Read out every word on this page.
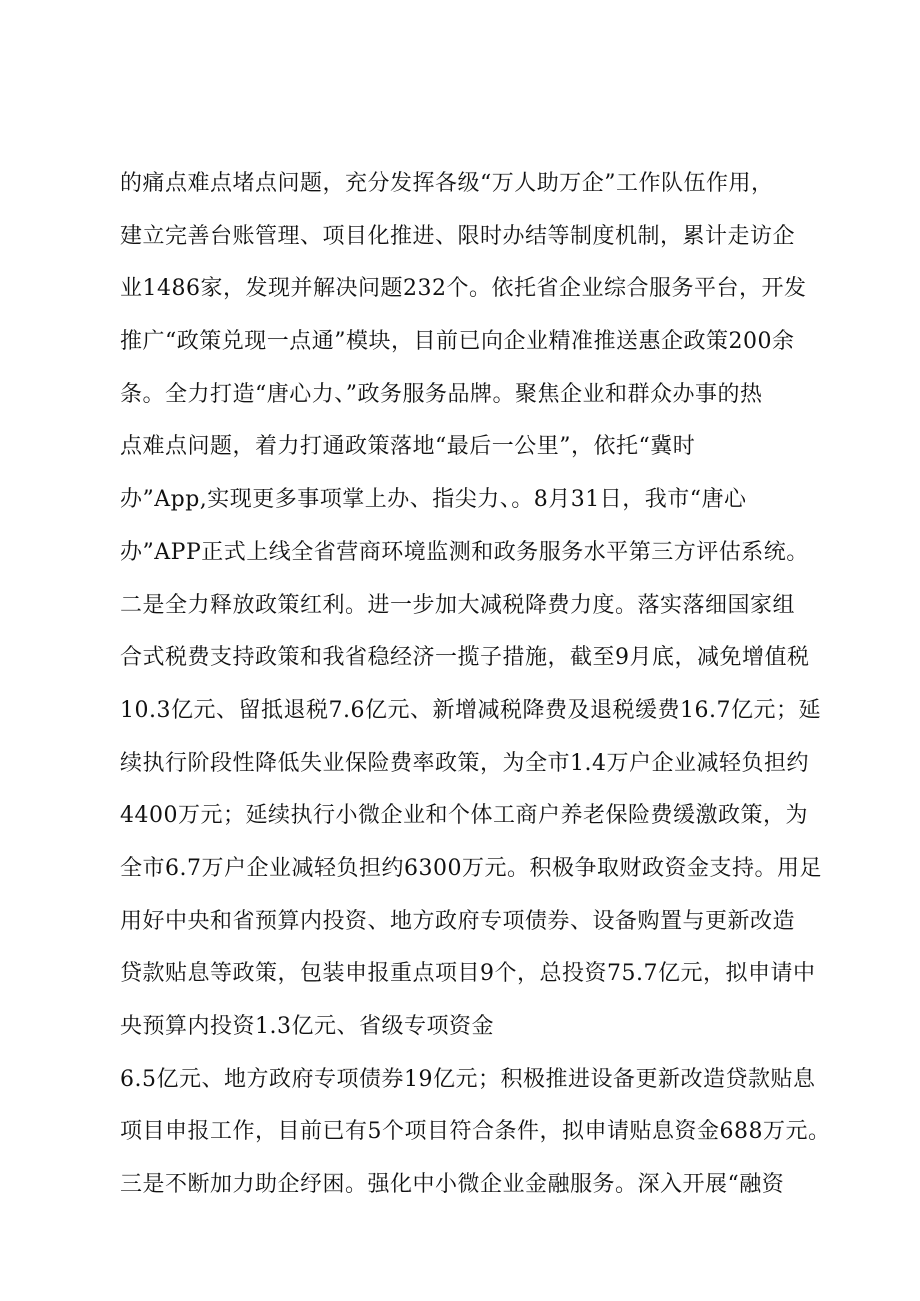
的痛点难点堵点问题，充分发挥各级“万人助万企”工作队伍作用，
建立完善台账管理、项目化推进、限时办结等制度机制，累计走访企
业1486家，发现并解决问题232个。依托省企业综合服务平台，开发
推广“政策兑现一点通”模块，目前已向企业精准推送惠企政策200余
条。全力打造“唐心力、”政务服务品牌。聚焦企业和群众办事的热
点难点问题，着力打通政策落地“最后一公里”，依托“冀时
办”App,实现更多事项掌上办、指尖力、。8月31日，我市“唐心
办”APP正式上线全省营商环境监测和政务服务水平第三方评估系统。
二是全力释放政策红利。进一步加大减税降费力度。落实落细国家组
合式税费支持政策和我省稳经济一揽子措施，截至9月底，减免增值税
10.3亿元、留抵退税7.6亿元、新增减税降费及退税缓费16.7亿元；延
续执行阶段性降低失业保险费率政策，为全市1.4万户企业减轻负担约
4400万元；延续执行小微企业和个体工商户养老保险费缓激政策，为
全市6.7万户企业减轻负担约6300万元。积极争取财政资金支持。用足
用好中央和省预算内投资、地方政府专项债券、设备购置与更新改造
贷款贴息等政策，包装申报重点项目9个，总投资75.7亿元，拟申请中
央预算内投资1.3亿元、省级专项资金
6.5亿元、地方政府专项债券19亿元；积极推进设备更新改造贷款贴息
项目申报工作，目前已有5个项目符合条件，拟申请贴息资金688万元。
三是不断加力助企纾困。强化中小微企业金融服务。深入开展“融资
